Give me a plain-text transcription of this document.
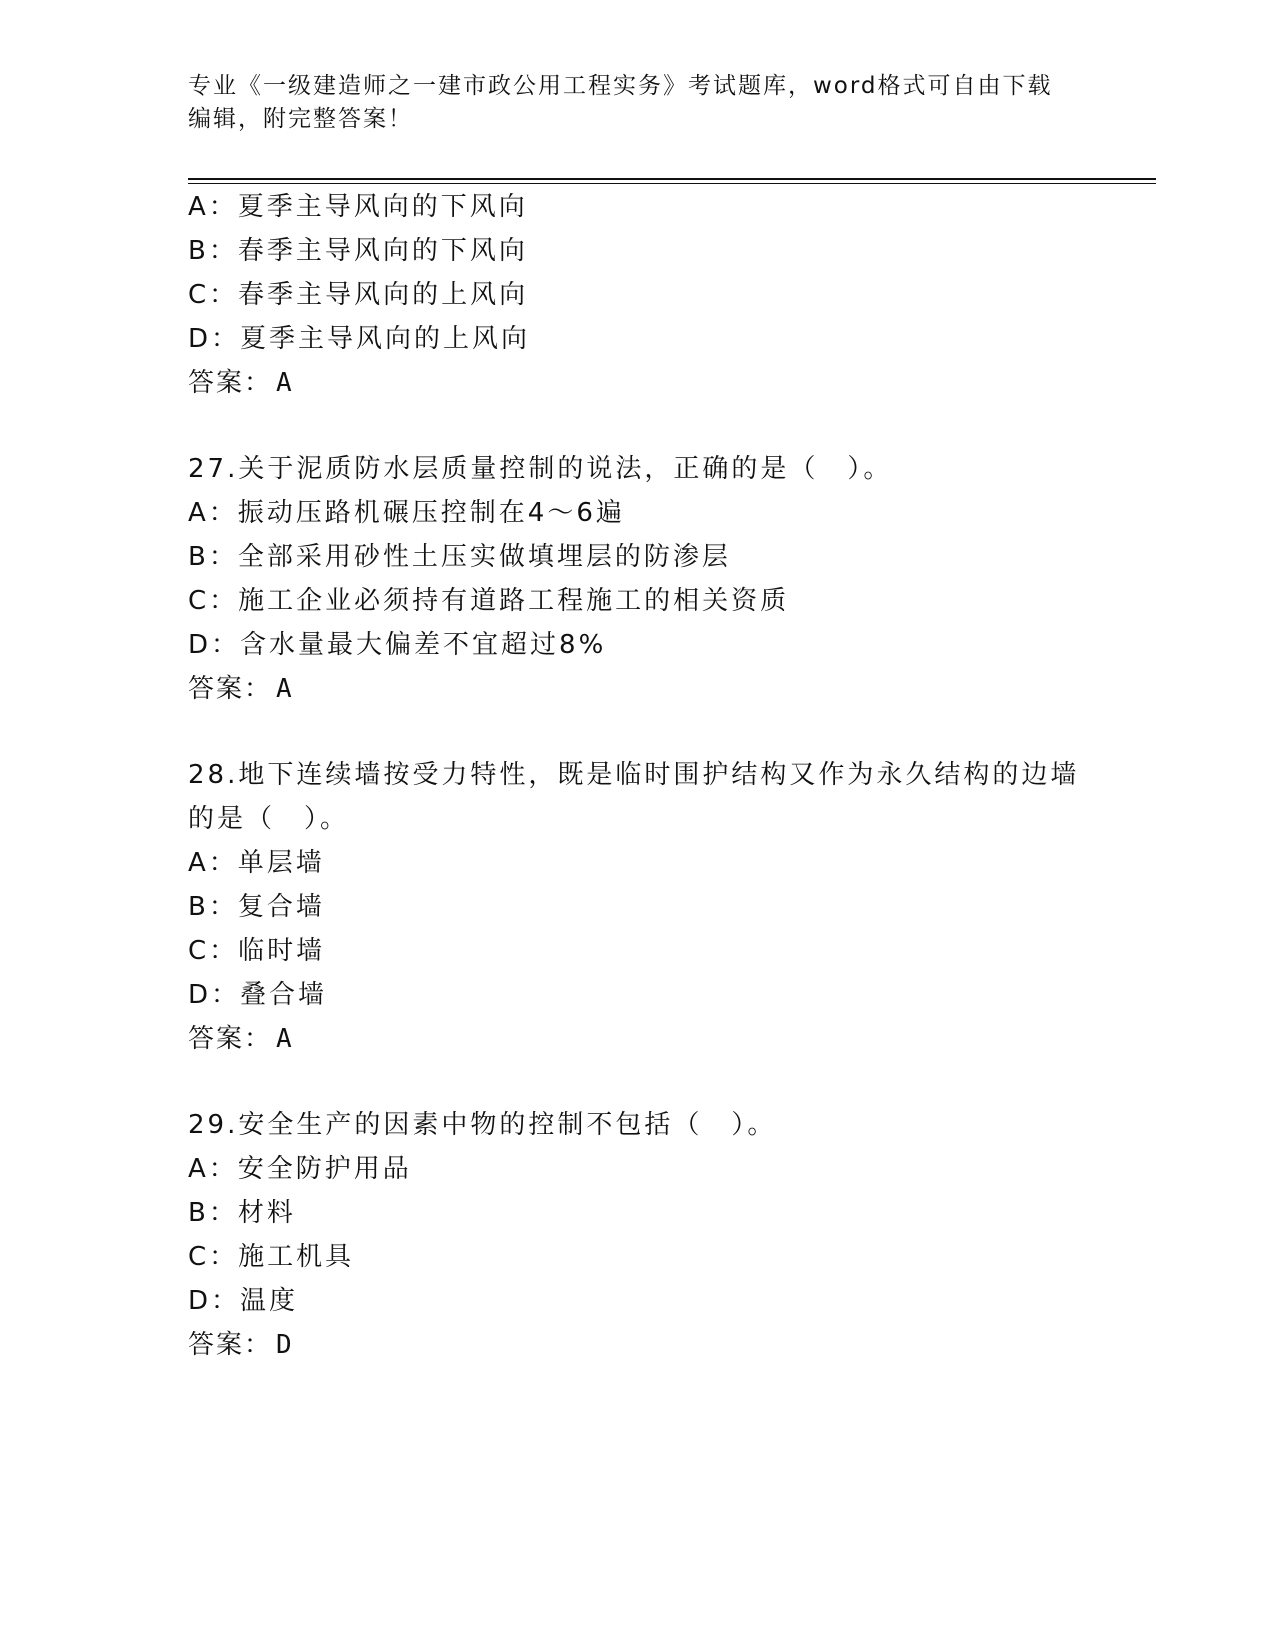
专业《一级建造师之一建市政公用工程实务》考试题库，word格式可自由下载编辑，附完整答案！
A：夏季主导风向的下风向
B：春季主导风向的下风向
C：春季主导风向的上风向
D：夏季主导风向的上风向
答案： A
27.关于泥质防水层质量控制的说法，正确的是（　）。
A：振动压路机碾压控制在4～6遍
B：全部采用砂性土压实做填埋层的防渗层
C：施工企业必须持有道路工程施工的相关资质
D：含水量最大偏差不宜超过8%
答案： A
28.地下连续墙按受力特性，既是临时围护结构又作为永久结构的边墙
的是（　）。
A：单层墙
B：复合墙
C：临时墙
D：叠合墙
答案： A
29.安全生产的因素中物的控制不包括（　）。
A：安全防护用品
B：材料
C：施工机具
D：温度
答案： D
